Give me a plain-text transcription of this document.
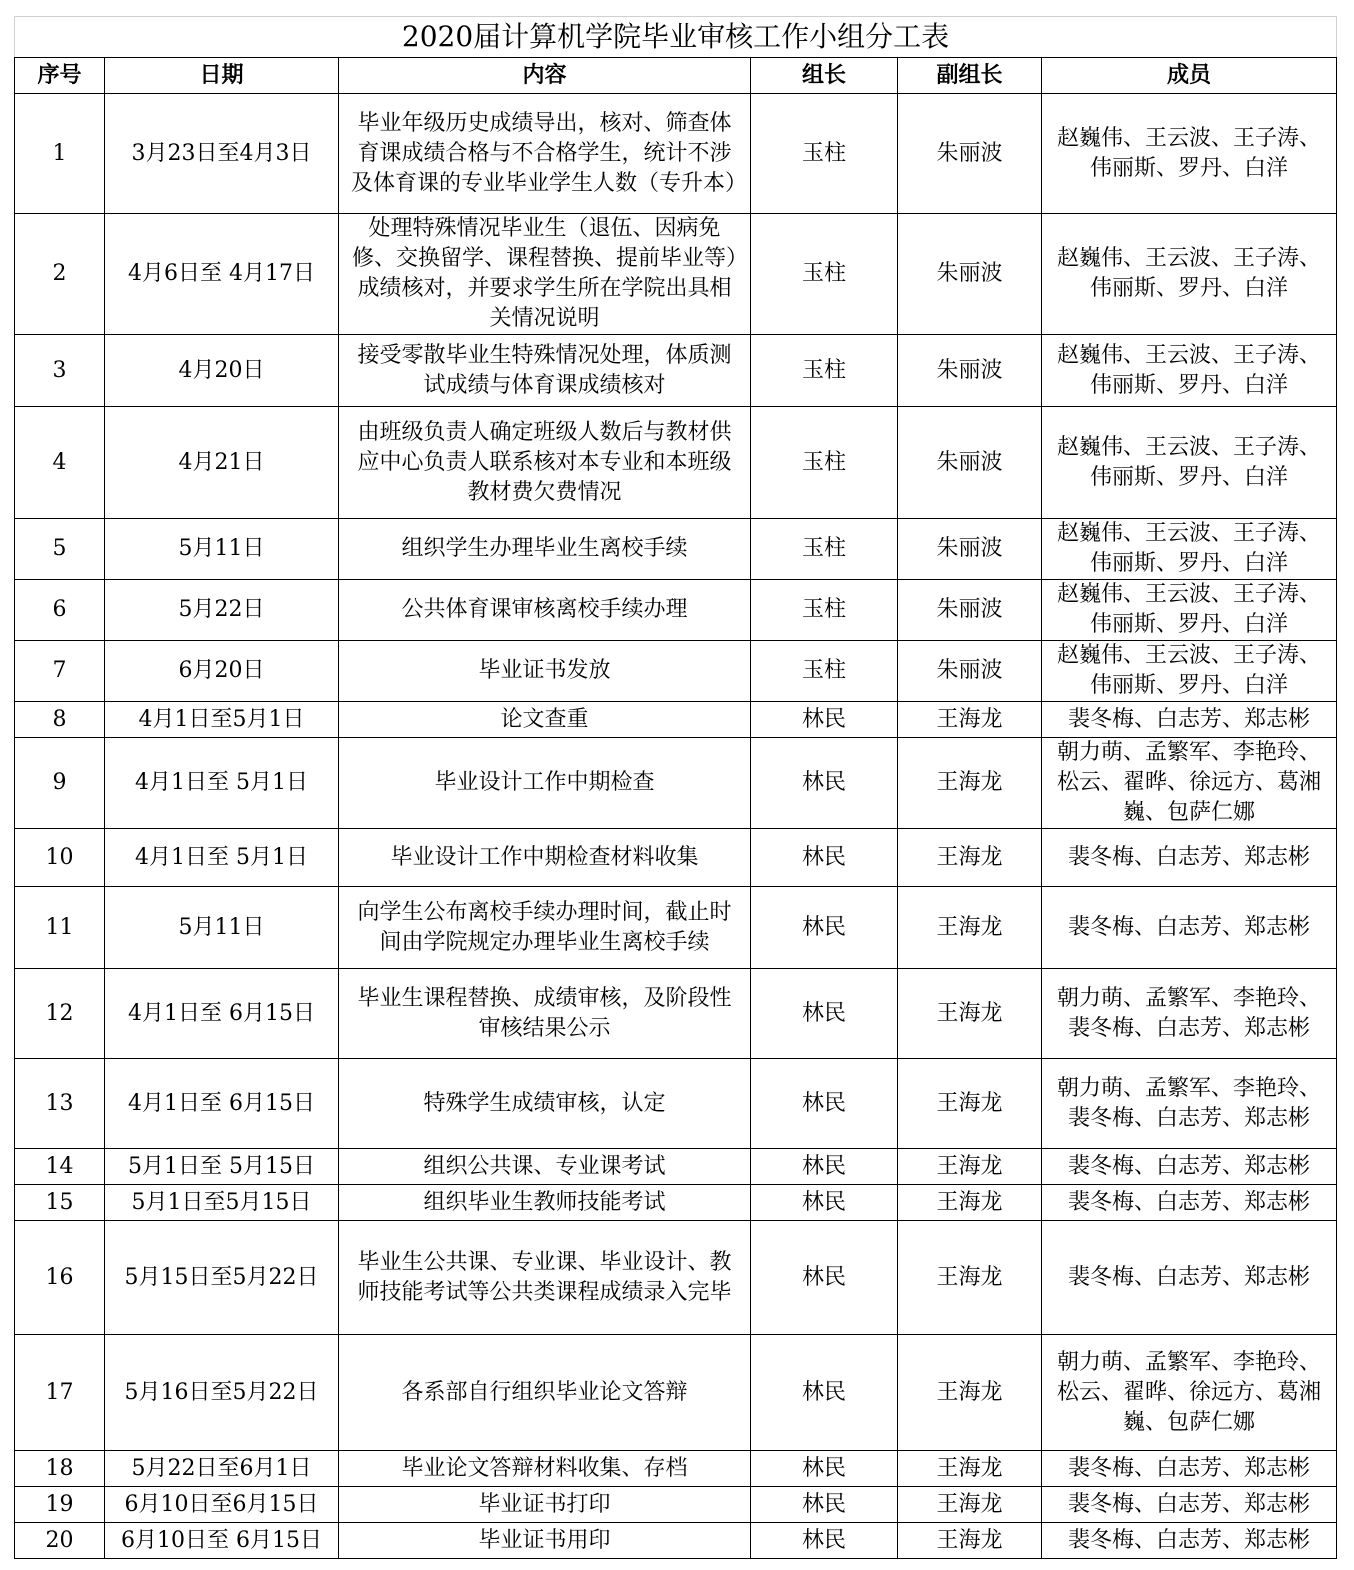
2020届计算机学院毕业审核工作小组分工表					
序号	日期	内容	组长	副组长	成员
1	3月23日至4月3日	毕业年级历史成绩导出，核对、筛查体育课成绩合格与不合格学生，统计不涉及体育课的专业毕业学生人数（专升本）	玉柱	朱丽波	赵巍伟、王云波、王子涛、伟丽斯、罗丹、白洋
2	4月6日至 4月17日	处理特殊情况毕业生（退伍、因病免修、交换留学、课程替换、提前毕业等）成绩核对，并要求学生所在学院出具相关情况说明	玉柱	朱丽波	赵巍伟、王云波、王子涛、伟丽斯、罗丹、白洋
3	4月20日	接受零散毕业生特殊情况处理，体质测试成绩与体育课成绩核对	玉柱	朱丽波	赵巍伟、王云波、王子涛、伟丽斯、罗丹、白洋
4	4月21日	由班级负责人确定班级人数后与教材供应中心负责人联系核对本专业和本班级教材费欠费情况	玉柱	朱丽波	赵巍伟、王云波、王子涛、伟丽斯、罗丹、白洋
5	5月11日	组织学生办理毕业生离校手续	玉柱	朱丽波	赵巍伟、王云波、王子涛、伟丽斯、罗丹、白洋
6	5月22日	公共体育课审核离校手续办理	玉柱	朱丽波	赵巍伟、王云波、王子涛、伟丽斯、罗丹、白洋
7	6月20日	毕业证书发放	玉柱	朱丽波	赵巍伟、王云波、王子涛、伟丽斯、罗丹、白洋
8	4月1日至5月1日	论文查重	林民	王海龙	裴冬梅、白志芳、郑志彬
9	4月1日至 5月1日	毕业设计工作中期检查	林民	王海龙	朝力萌、孟繁军、李艳玲、松云、翟晔、徐远方、葛湘巍、包萨仁娜
10	4月1日至 5月1日	毕业设计工作中期检查材料收集	林民	王海龙	裴冬梅、白志芳、郑志彬
11	5月11日	向学生公布离校手续办理时间，截止时间由学院规定办理毕业生离校手续	林民	王海龙	裴冬梅、白志芳、郑志彬
12	4月1日至 6月15日	毕业生课程替换、成绩审核，及阶段性审核结果公示	林民	王海龙	朝力萌、孟繁军、李艳玲、裴冬梅、白志芳、郑志彬
13	4月1日至 6月15日	特殊学生成绩审核，认定	林民	王海龙	朝力萌、孟繁军、李艳玲、裴冬梅、白志芳、郑志彬
14	5月1日至 5月15日	组织公共课、专业课考试	林民	王海龙	裴冬梅、白志芳、郑志彬
15	5月1日至5月15日	组织毕业生教师技能考试	林民	王海龙	裴冬梅、白志芳、郑志彬
16	5月15日至5月22日	毕业生公共课、专业课、毕业设计、教师技能考试等公共类课程成绩录入完毕	林民	王海龙	裴冬梅、白志芳、郑志彬
17	5月16日至5月22日	各系部自行组织毕业论文答辩	林民	王海龙	朝力萌、孟繁军、李艳玲、松云、翟晔、徐远方、葛湘巍、包萨仁娜
18	5月22日至6月1日	毕业论文答辩材料收集、存档	林民	王海龙	裴冬梅、白志芳、郑志彬
19	6月10日至6月15日	毕业证书打印	林民	王海龙	裴冬梅、白志芳、郑志彬
20	6月10日至 6月15日	毕业证书用印	林民	王海龙	裴冬梅、白志芳、郑志彬
